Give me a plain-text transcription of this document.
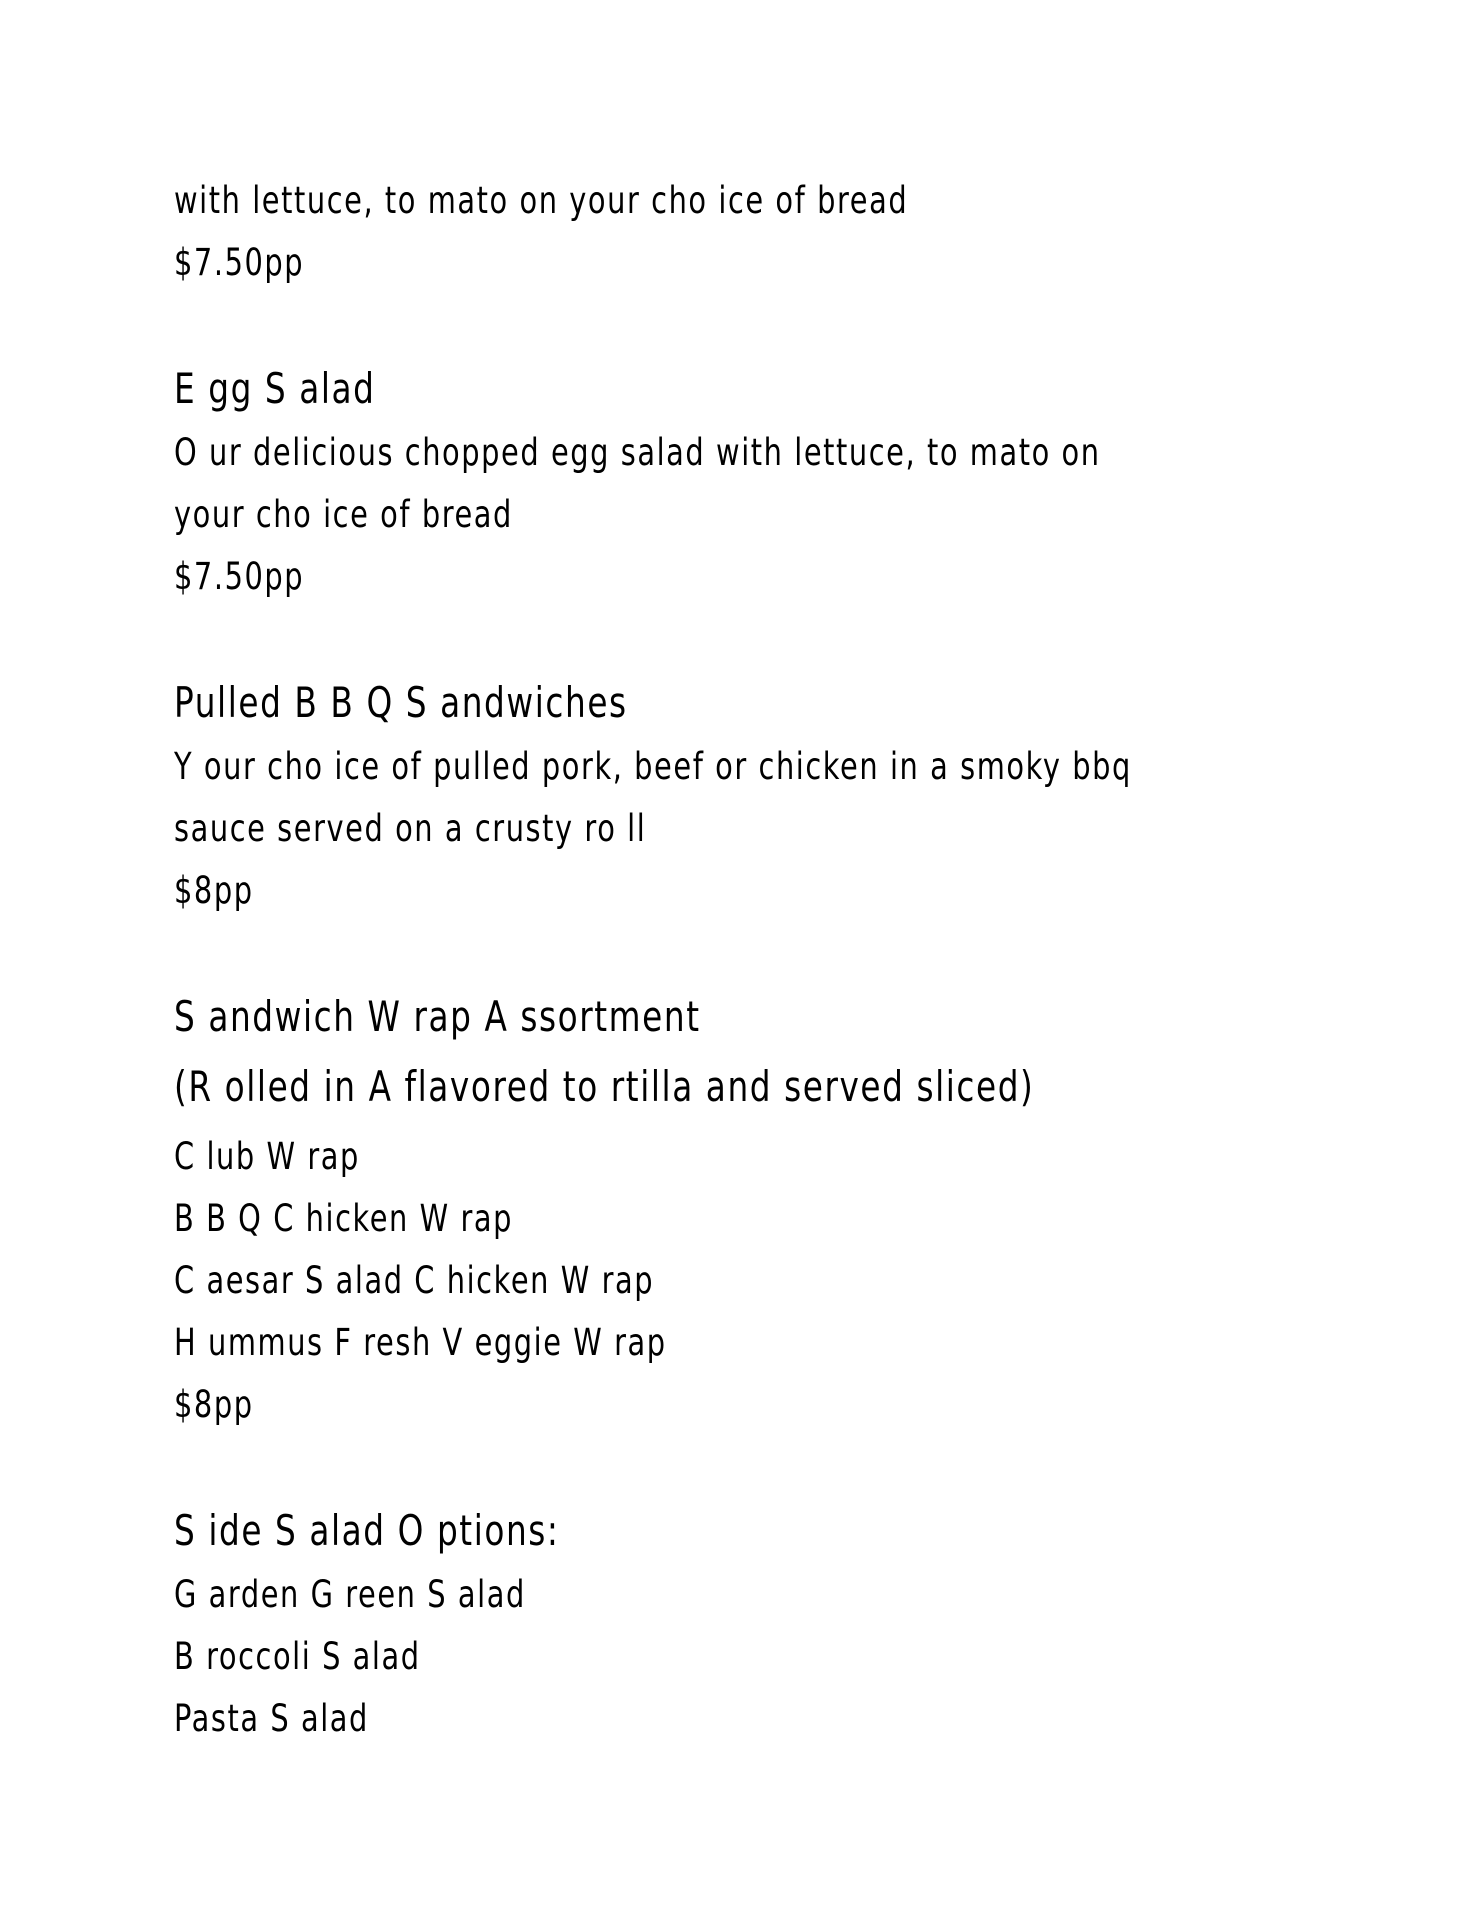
with lettuce, to mato on your cho ice of bread
$7.50pp
E gg S alad
O ur delicious chopped egg salad with lettuce, to mato on
your cho ice of bread
$7.50pp
Pulled B B Q S andwiches
Y our cho ice of pulled pork, beef or chicken in a smoky bbq
sauce served on a crusty ro ll
$8pp
S andwich W rap A ssortment
(R olled in A flavored to rtilla and served sliced)
C lub W rap
B B Q C hicken W rap
C aesar S alad C hicken W rap
H ummus F resh V eggie W rap
$8pp
S ide S alad O ptions:
G arden G reen S alad
B roccoli S alad
Pasta S alad
